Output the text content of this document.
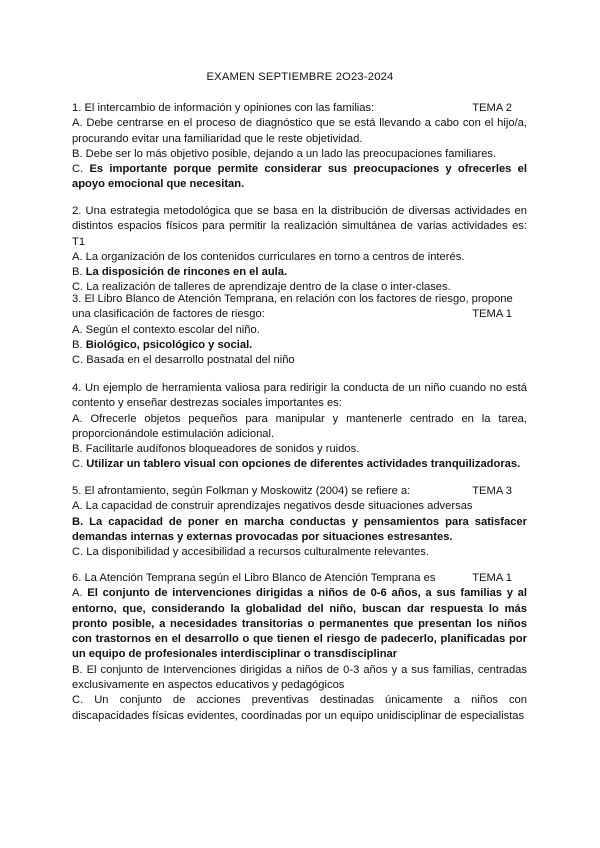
EXAMEN SEPTIEMBRE 2O23-2024
1. El intercambio de información y opiniones con las familias:	TEMA 2
A. Debe centrarse en el proceso de diagnóstico que se está llevando a cabo con el hijo/a, procurando evitar una familiaridad que le reste objetividad.
B. Debe ser lo más objetivo posible, dejando a un lado las preocupaciones familiares.
C. Es importante porque permite considerar sus preocupaciones y ofrecerles el apoyo emocional que necesitan.
2. Una estrategia metodológica que se basa en la distribución de diversas actividades en distintos espacios físicos para permitir la realización simultánea de varias actividades es: T1
A. La organización de los contenidos curriculares en torno a centros de interés.
B. La disposición de rincones en el aula.
C. La realización de talleres de aprendizaje dentro de la clase o inter-clases.
3. El Libro Blanco de Atención Temprana, en relación con los factores de riesgo, propone
una clasificación de factores de riesgo:	TEMA 1
A. Según el contexto escolar del niño.
B. Biológico, psicológico y social.
C. Basada en el desarrollo postnatal del niño
4. Un ejemplo de herramienta valiosa para redirigir la conducta de un niño cuando no está contento y enseñar destrezas sociales importantes es:
A. Ofrecerle objetos pequeños para manipular y mantenerle centrado en la tarea, proporcionándole estimulación adicional.
B. Facilitarle audífonos bloqueadores de sonidos y ruidos.
C. Utilizar un tablero visual con opciones de diferentes actividades tranquilizadoras.
5. El afrontamiento, según Folkman y Moskowitz (2004) se refiere a:	TEMA 3
A. La capacidad de construir aprendizajes negativos desde situaciones adversas
B. La capacidad de poner en marcha conductas y pensamientos para satisfacer demandas internas y externas provocadas por situaciones estresantes.
C. La disponibilidad y accesibilidad a recursos culturalmente relevantes.
6. La Atención Temprana según el Libro Blanco de Atención Temprana es	TEMA 1
A. El conjunto de intervenciones dirigidas a niños de 0-6 años, a sus familias y al entorno, que, considerando la globalidad del niño, buscan dar respuesta lo más pronto posible, a necesidades transitorias o permanentes que presentan los niños con trastornos en el desarrollo o que tienen el riesgo de padecerlo, planificadas por un equipo de profesionales interdisciplinar o transdisciplinar
B. El conjunto de Intervenciones dirigidas a niños de 0-3 años y a sus familias, centradas exclusivamente en aspectos educativos y pedagógicos
C. Un conjunto de acciones preventivas destinadas únicamente a niños con discapacidades físicas evidentes, coordinadas por un equipo unidisciplinar de especialistas
